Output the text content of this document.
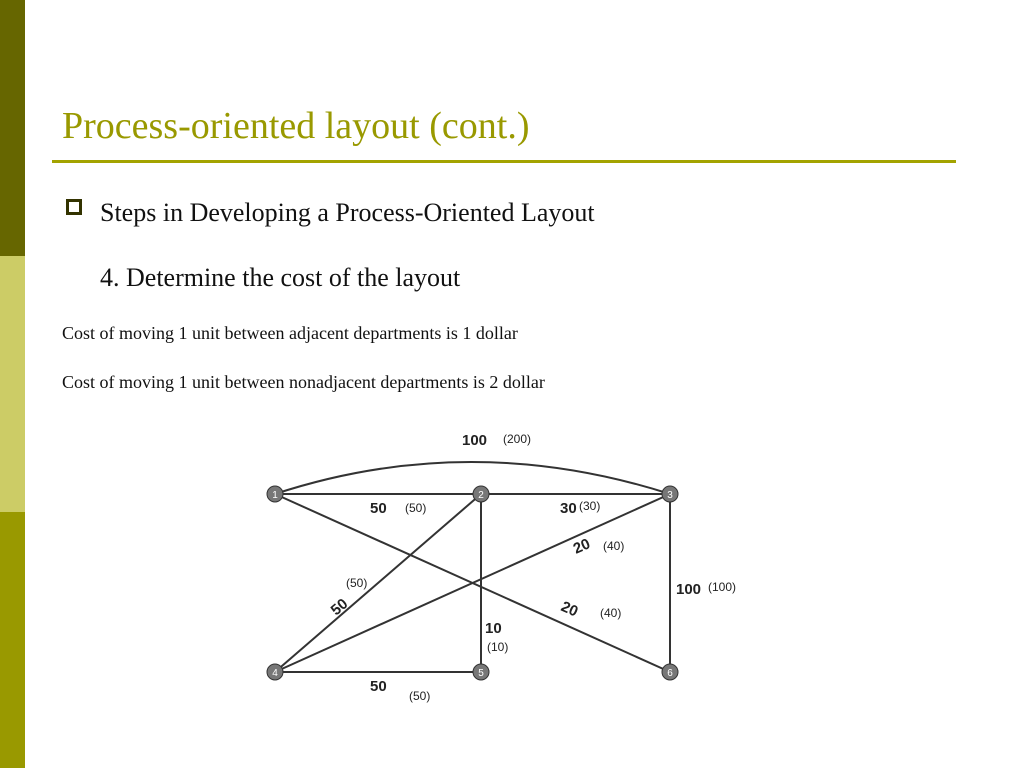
Process-oriented layout (cont.)
Steps in Developing a Process-Oriented Layout
4. Determine the cost of the layout
Cost of moving 1 unit between adjacent departments is 1 dollar
Cost of moving 1 unit between nonadjacent departments is 2 dollar
1	2	3
4	5	6
100 (200)
50 (50)	30 (30)
20 (40)
50
(50)
20 (40)
10
(10)
100 (100)
50
(50)
